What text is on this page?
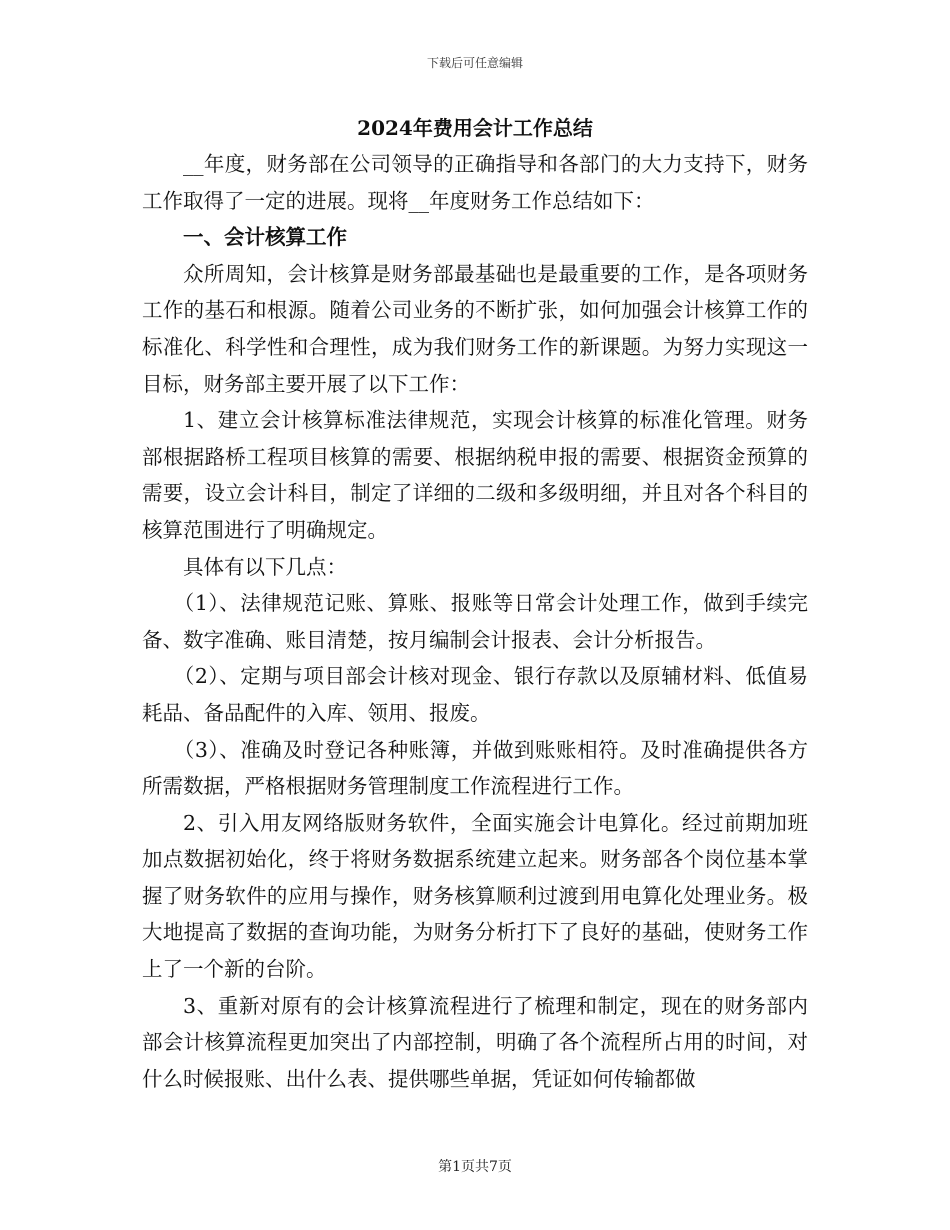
下载后可任意编辑
2024年费用会计工作总结

__年度，财务部在公司领导的正确指导和各部门的大力支持下，财务工作取得了一定的进展。现将__年度财务工作总结如下：

一、会计核算工作

众所周知，会计核算是财务部最基础也是最重要的工作，是各项财务工作的基石和根源。随着公司业务的不断扩张，如何加强会计核算工作的标准化、科学性和合理性，成为我们财务工作的新课题。为努力实现这一目标，财务部主要开展了以下工作：

1、建立会计核算标准法律规范，实现会计核算的标准化管理。财务部根据路桥工程项目核算的需要、根据纳税申报的需要、根据资金预算的需要，设立会计科目，制定了详细的二级和多级明细，并且对各个科目的核算范围进行了明确规定。

具体有以下几点：

（1）、法律规范记账、算账、报账等日常会计处理工作，做到手续完备、数字准确、账目清楚，按月编制会计报表、会计分析报告。

（2）、定期与项目部会计核对现金、银行存款以及原辅材料、低值易耗品、备品配件的入库、领用、报废。

（3）、准确及时登记各种账簿，并做到账账相符。及时准确提供各方所需数据，严格根据财务管理制度工作流程进行工作。

2、引入用友网络版财务软件，全面实施会计电算化。经过前期加班加点数据初始化，终于将财务数据系统建立起来。财务部各个岗位基本掌握了财务软件的应用与操作，财务核算顺利过渡到用电算化处理业务。极大地提高了数据的查询功能，为财务分析打下了良好的基础，使财务工作上了一个新的台阶。

3、重新对原有的会计核算流程进行了梳理和制定，现在的财务部内部会计核算流程更加突出了内部控制，明确了各个流程所占用的时间，对什么时候报账、出什么表、提供哪些单据，凭证如何传输都做

第1页共7页
